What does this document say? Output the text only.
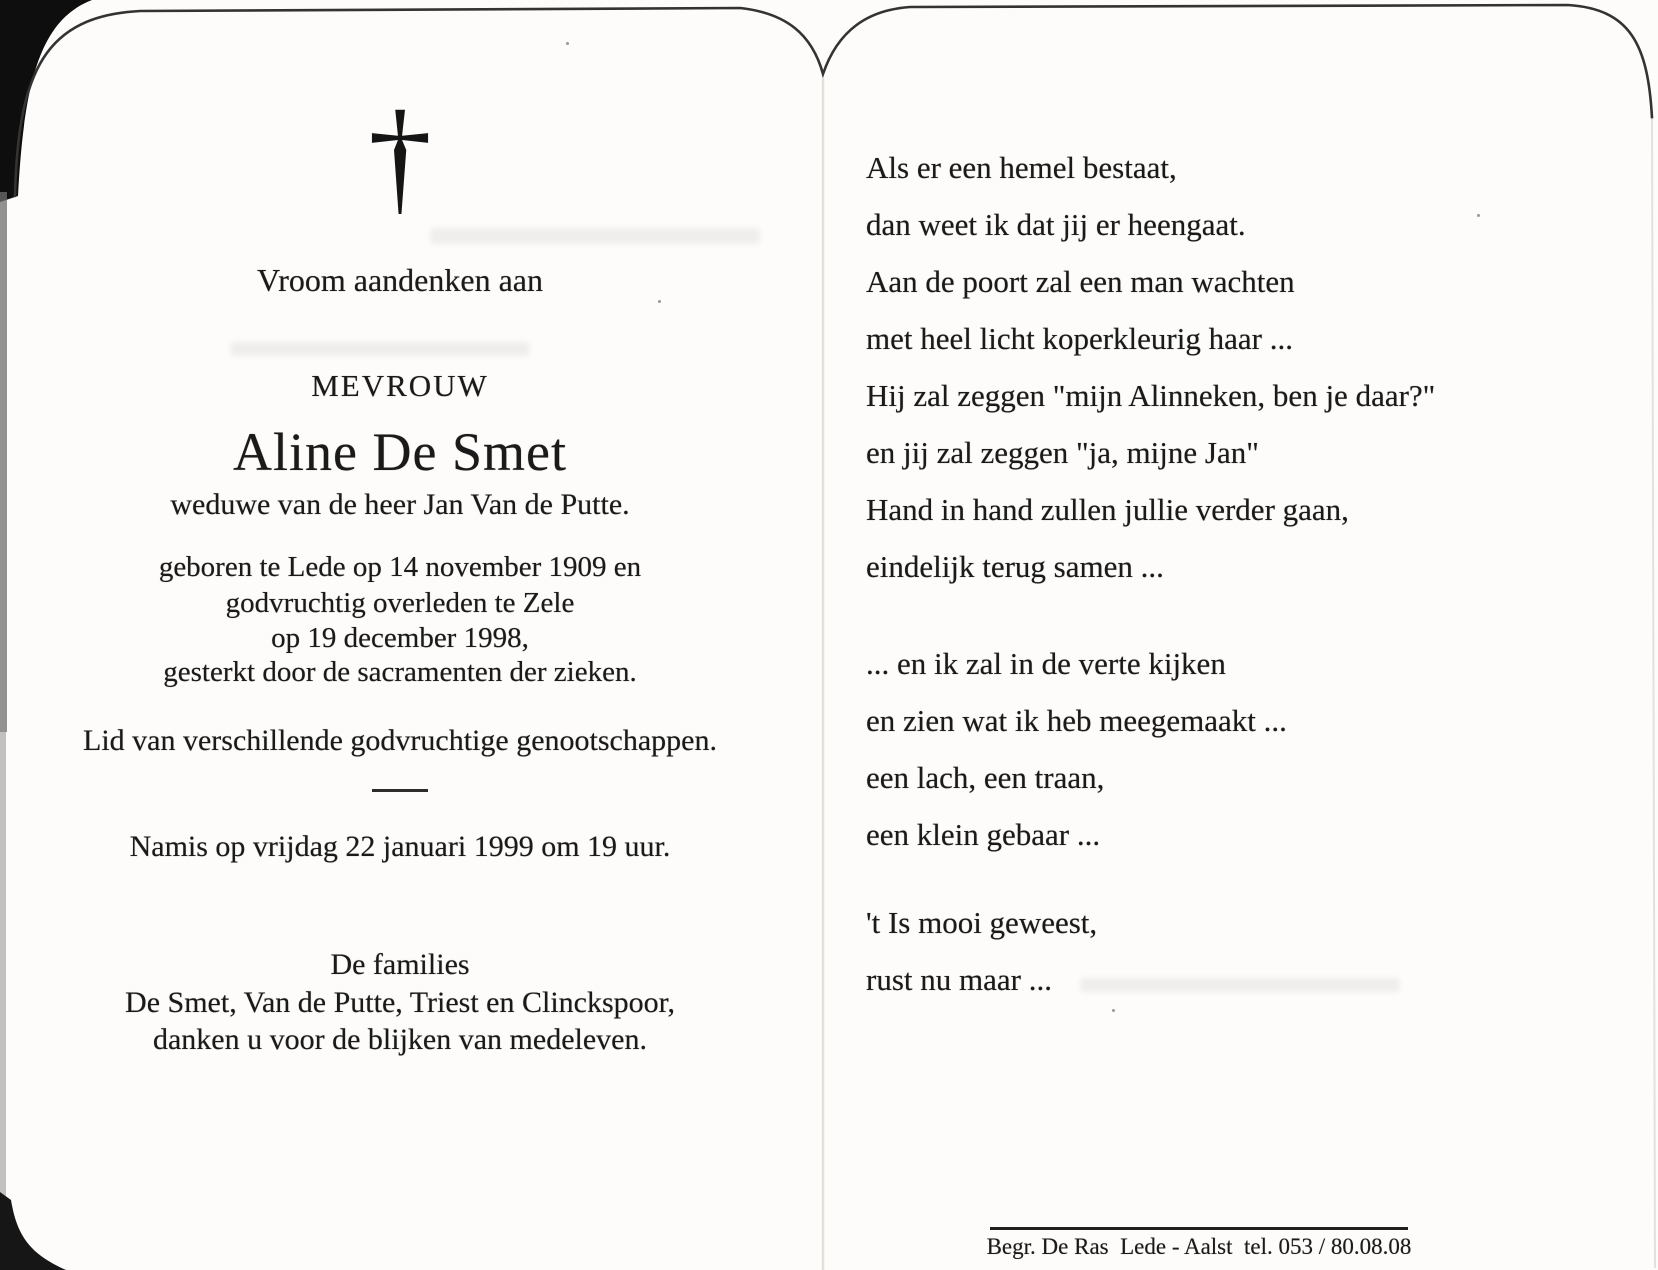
†
Vroom aandenken aan
MEVROUW
Aline De Smet
weduwe van de heer Jan Van de Putte.
geboren te Lede op 14 november 1909 en
godvruchtig overleden te Zele
op 19 december 1998,
gesterkt door de sacramenten der zieken.
Lid van verschillende godvruchtige genootschappen.
Namis op vrijdag 22 januari 1999 om 19 uur.
De families
De Smet, Van de Putte, Triest en Clinckspoor,
danken u voor de blijken van medeleven.
Als er een hemel bestaat,
dan weet ik dat jij er heengaat.
Aan de poort zal een man wachten
met heel licht koperkleurig haar ...
Hij zal zeggen "mijn Alinneken, ben je daar?"
en jij zal zeggen "ja, mijne Jan"
Hand in hand zullen jullie verder gaan,
eindelijk terug samen ...
... en ik zal in de verte kijken
en zien wat ik heb meegemaakt ...
een lach, een traan,
een klein gebaar ...
't Is mooi geweest,
rust nu maar ...
Begr. De Ras  Lede - Aalst  tel. 053 / 80.08.08
